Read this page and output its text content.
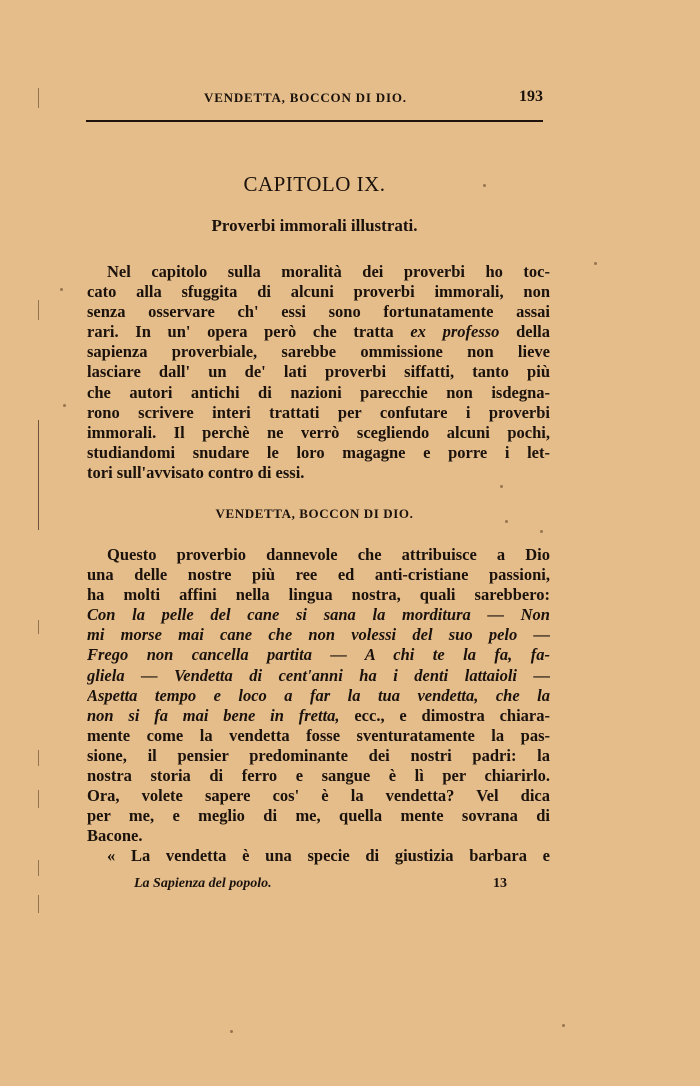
VENDETTA, BOCCON DI DIO.	193
CAPITOLO IX.
Proverbi immorali illustrati.
Nel capitolo sulla moralità dei proverbi ho toc-
cato alla sfuggita di alcuni proverbi immorali, non
senza osservare ch' essi sono fortunatamente assai
rari. In un' opera però che tratta ex professo della
sapienza proverbiale, sarebbe ommissione non lieve
lasciare dall' un de' lati proverbi siffatti, tanto più
che autori antichi di nazioni parecchie non isdegna-
rono scrivere interi trattati per confutare i proverbi
immorali. Il perchè ne verrò scegliendo alcuni pochi,
studiandomi snudare le loro magagne e porre i let-
tori sull'avvisato contro di essi.
VENDETTA, BOCCON DI DIO.
Questo proverbio dannevole che attribuisce a Dio
una delle nostre più ree ed anti-cristiane passioni,
ha molti affini nella lingua nostra, quali sarebbero:
Con la pelle del cane si sana la morditura — Non
mi morse mai cane che non volessi del suo pelo —
Frego non cancella partita — A chi te la fa, fa-
gliela — Vendetta di cent'anni ha i denti lattaioli —
Aspetta tempo e loco a far la tua vendetta, che la
non si fa mai bene in fretta, ecc., e dimostra chiara-
mente come la vendetta fosse sventuratamente la pas-
sione, il pensier predominante dei nostri padri: la
nostra storia di ferro e sangue è lì per chiarirlo.
Ora, volete sapere cos' è la vendetta? Vel dica
per me, e meglio di me, quella mente sovrana di
Bacone.
« La vendetta è una specie di giustizia barbara e
La Sapienza del popolo.	13
